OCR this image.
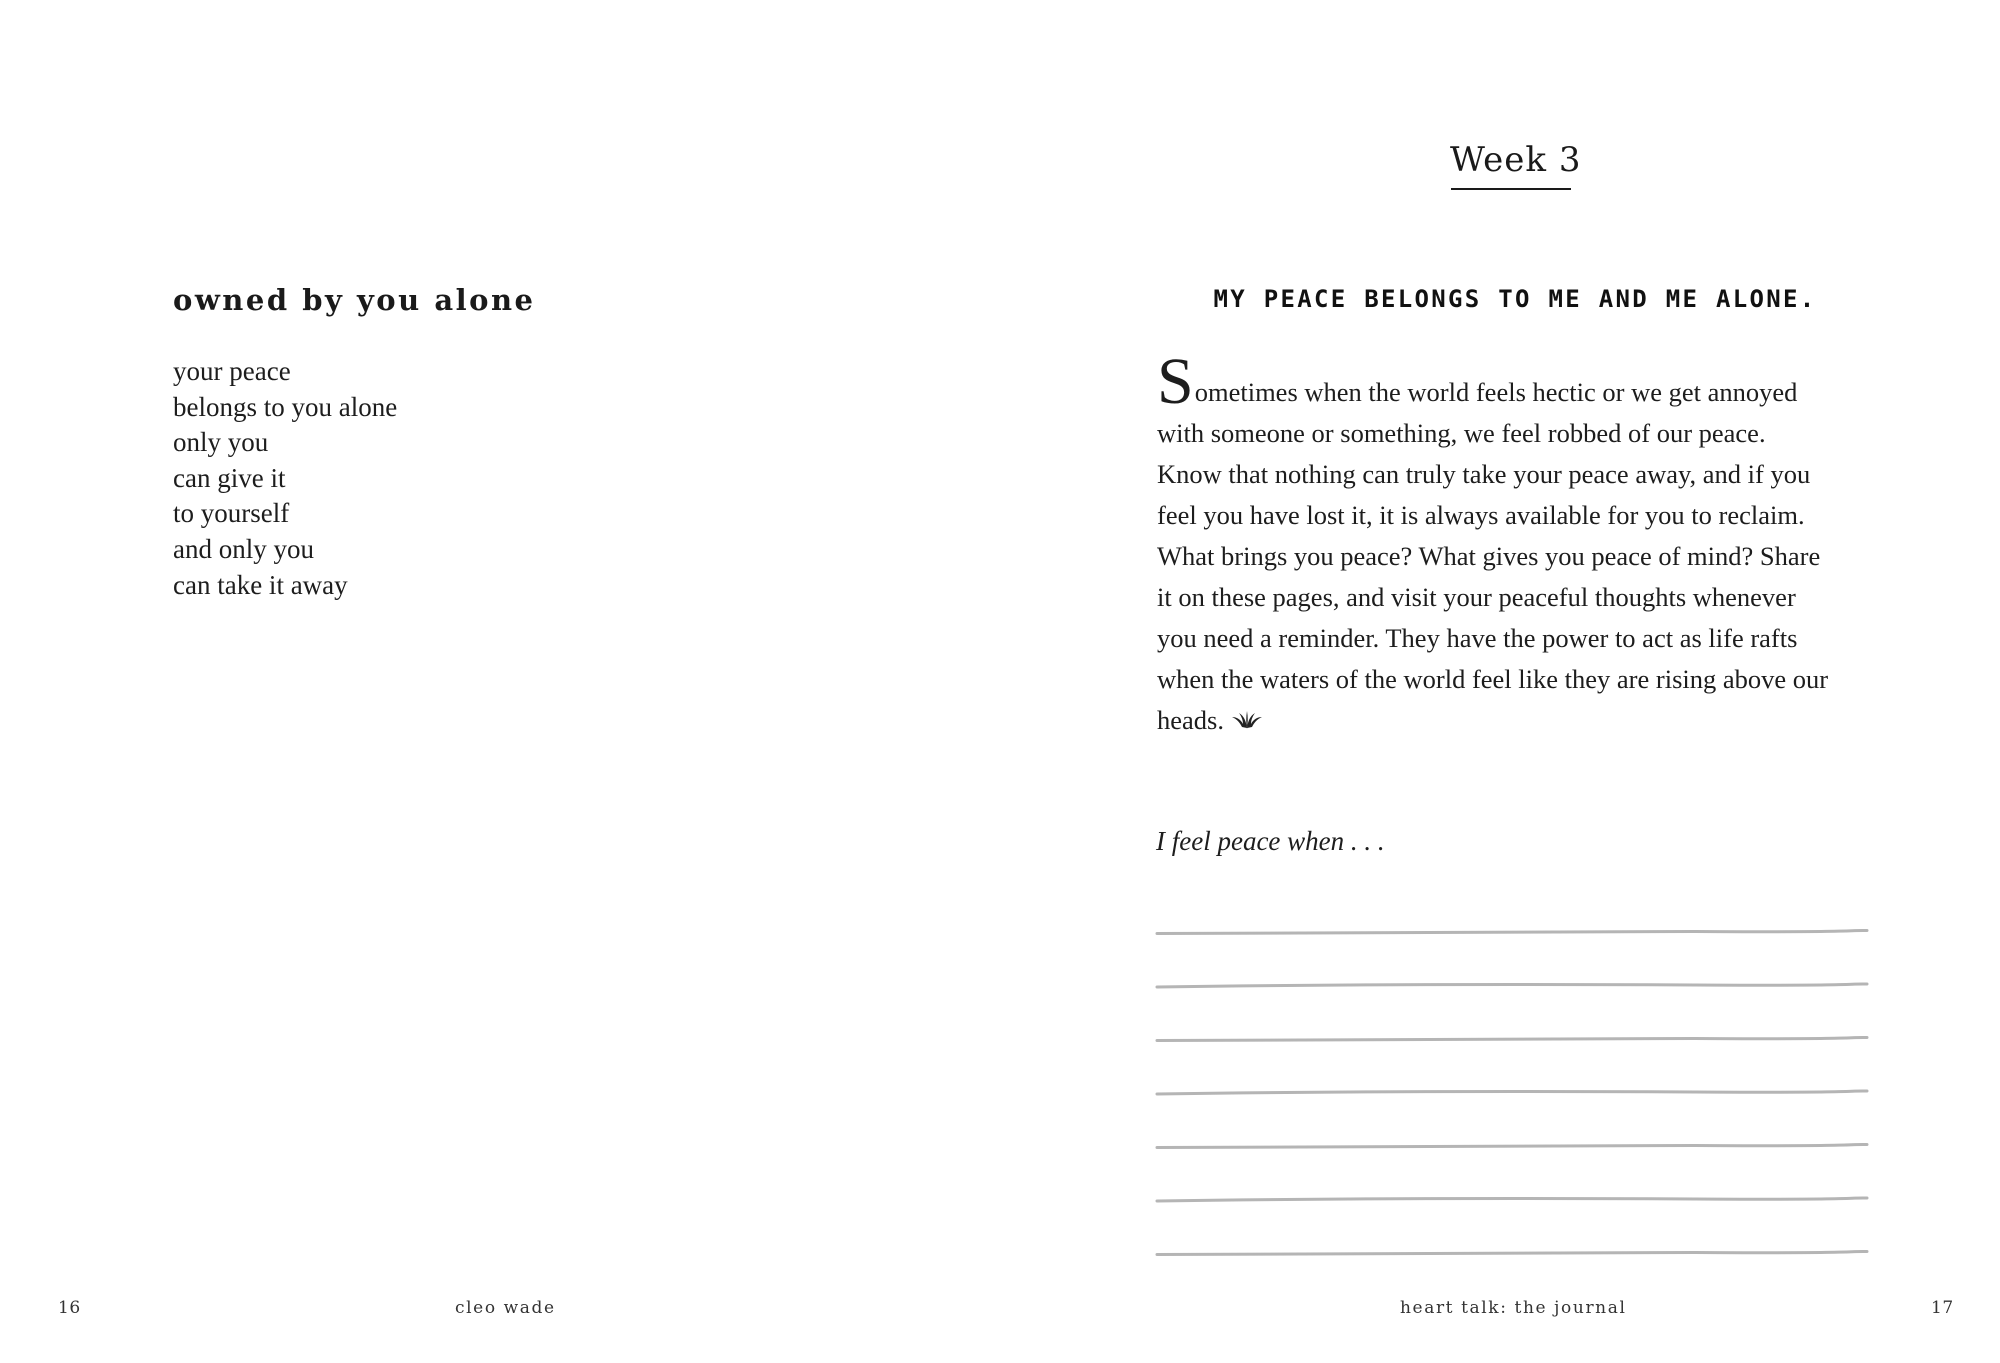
owned by you alone
your peace
belongs to you alone
only you
can give it
to yourself
and only you
can take it away
Week 3

MY PEACE BELONGS TO ME AND ME ALONE.

Sometimes when the world feels hectic or we get annoyed
with someone or something, we feel robbed of our peace.
Know that nothing can truly take your peace away, and if you
feel you have lost it, it is always available for you to reclaim.
What brings you peace? What gives you peace of mind? Share
it on these pages, and visit your peaceful thoughts whenever
you need a reminder. They have the power to act as life rafts
when the waters of the world feel like they are rising above our
heads.

I feel peace when . . .

16	cleo wade	heart talk: the journal	17
